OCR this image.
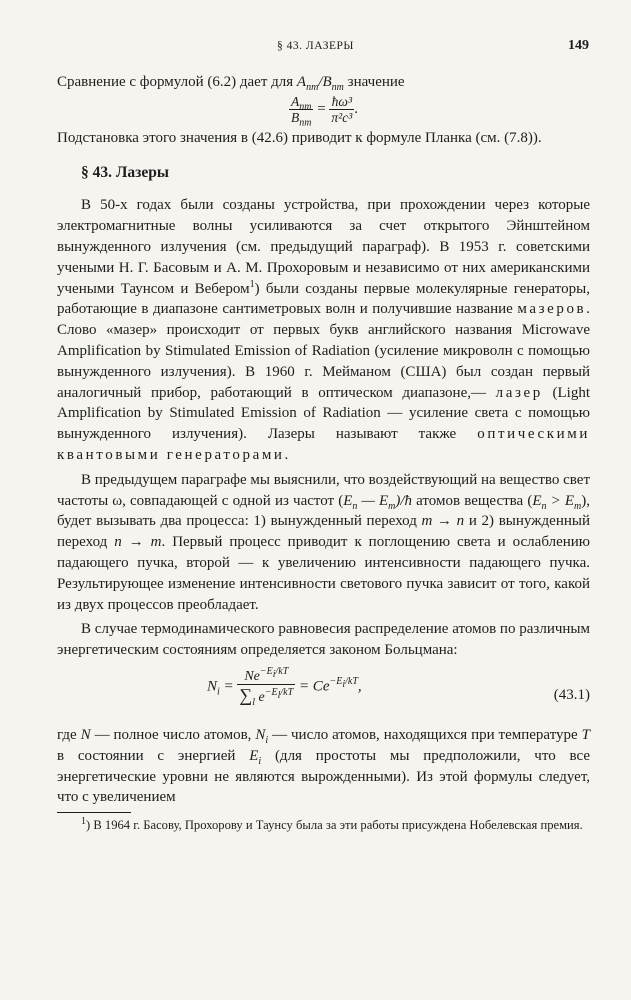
§ 43. ЛАЗЕРЫ	149

Сравнение с формулой (6.2) дает для $A_{nm}/B_{nm}$ значение

$\frac{A_{nm}}{B_{nm}} = \frac{\text{ħω³}}{\text{π²c³}}$ .

Подстановка этого значения в (42.6) приводит к формуле Планка (см. (7.8)).

§ 43. Лазеры

В 50-х годах были созданы устройства, при прохождении через которые электромагнитные волны усиливаются за счет открытого Эйнштейном вынужденного излучения (см. предыдущий параграф). В 1953 г. советскими учеными Н. Г. Басовым и А. М. Прохоровым и независимо от них американскими учеными Таунсом и Вебером$^1$) были созданы первые молекулярные генераторы, работающие в диапазоне сантиметровых волн и получившие название мазеров. Слово «мазер» происходит от первых букв английского названия Microwave Amplification by Stimulated Emission of Radiation (усиление микроволн с помощью вынужденного излучения). В 1960 г. Мейманом (США) был создан первый аналогичный прибор, работающий в оптическом диапазоне,— лазер (Light Amplification by Stimulated Emission of Radiation — усиление света с помощью вынужденного излучения). Лазеры называют также оптическими квантовыми генераторами.

В предыдущем параграфе мы выяснили, что воздействующий на вещество свет частоты ω, совпадающей с одной из частот ($E_n$ — $E_m)/ħ$ атомов вещества $(E_n > E_m)$, будет вызывать два процесса: 1) вынужденный переход m → n и 2) вынужденный переход n → m. Первый процесс приводит к поглощению света и ослаблению падающего пучка, второй — к увеличению интенсивности падающего пучка. Результирующее изменение интенсивности светового пучка зависит от того, какой из двух процессов преобладает.

В случае термодинамического равновесия распределение атомов по различным энергетическим состояниям определяется законом Больцмана:

$N_i = \frac{Ne^{-E_i/kT}}{\sum_l e^{-E_l/kT}} = Ce^{-E_i/kT}$,
(43.1)

где N — полное число атомов, $N_i$ — число атомов, находящихся при температуре T в состоянии с энергией $E_i$ (для простоты мы предположили, что все энергетические уровни не являются вырожденными). Из этой формулы следует, что с увеличением

$^1$) В 1964 г. Басову, Прохорову и Таунсу была за эти работы присуждена Нобелевская премия.
